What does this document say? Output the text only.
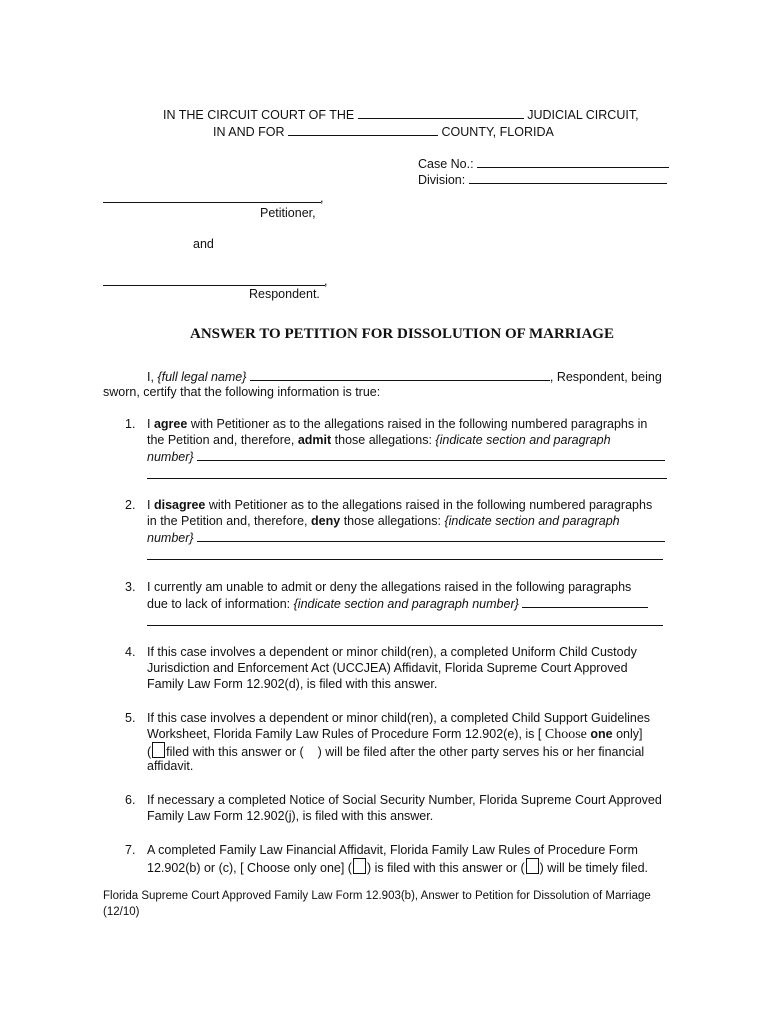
IN THE CIRCUIT COURT OF THE	JUDICIAL CIRCUIT,
IN AND FOR	COUNTY, FLORIDA
Case No.:
Division:
,
Petitioner,
and
,
Respondent.
ANSWER TO PETITION FOR DISSOLUTION OF MARRIAGE
I, {full legal name}	, Respondent, being
sworn, certify that the following information is true:
1. I agree with Petitioner as to the allegations raised in the following numbered paragraphs in
the Petition and, therefore, admit those allegations: {indicate section and paragraph
number}
2. I disagree with Petitioner as to the allegations raised in the following numbered paragraphs
in the Petition and, therefore, deny those allegations: {indicate section and paragraph
number}
3. I currently am unable to admit or deny the allegations raised in the following paragraphs
due to lack of information: {indicate section and paragraph number}
4. If this case involves a dependent or minor child(ren), a completed Uniform Child Custody
Jurisdiction and Enforcement Act (UCCJEA) Affidavit, Florida Supreme Court Approved
Family Law Form 12.902(d), is filed with this answer.
5. If this case involves a dependent or minor child(ren), a completed Child Support Guidelines
Worksheet, Florida Family Law Rules of Procedure Form 12.902(e), is [ Choose one only]
( filed with this answer or ( ) will be filed after the other party serves his or her financial
affidavit.
6. If necessary a completed Notice of Social Security Number, Florida Supreme Court Approved
Family Law Form 12.902(j), is filed with this answer.
7. A completed Family Law Financial Affidavit, Florida Family Law Rules of Procedure Form
12.902(b) or (c), [ Choose only one] ( ) is filed with this answer or ( ) will be timely filed.
Florida Supreme Court Approved Family Law Form 12.903(b), Answer to Petition for Dissolution of Marriage
(12/10)
